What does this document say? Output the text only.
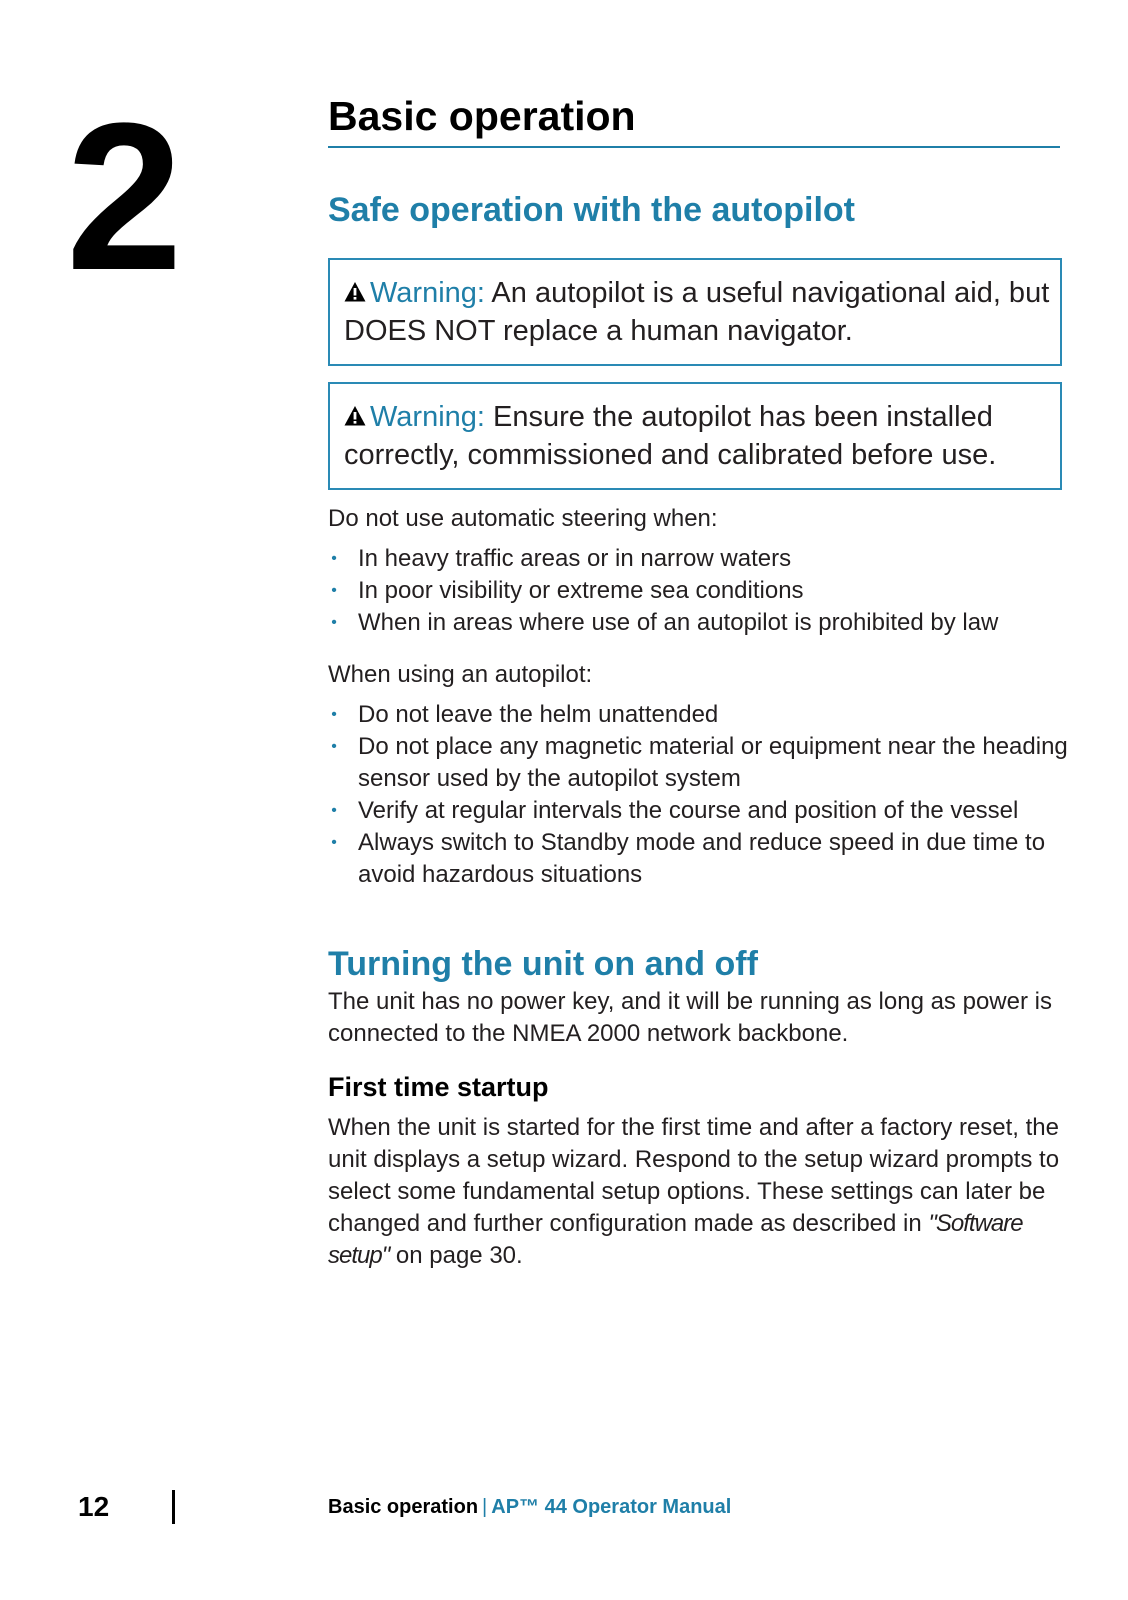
2	Basic operation
Safe operation with the autopilot
Warning: An autopilot is a useful navigational aid, but DOES NOT replace a human navigator.
Warning: Ensure the autopilot has been installed correctly, commissioned and calibrated before use.

Do not use automatic steering when:

• In heavy traffic areas or in narrow waters
• In poor visibility or extreme sea conditions
• When in areas where use of an autopilot is prohibited by law

When using an autopilot:

• Do not leave the helm unattended
• Do not place any magnetic material or equipment near the heading sensor used by the autopilot system
• Verify at regular intervals the course and position of the vessel
• Always switch to Standby mode and reduce speed in due time to avoid hazardous situations
Turning the unit on and off

The unit has no power key, and it will be running as long as power is connected to the NMEA 2000 network backbone.

First time startup

When the unit is started for the first time and after a factory reset, the unit displays a setup wizard. Respond to the setup wizard prompts to select some fundamental setup options. These settings can later be changed and further configuration made as described in "Software setup" on page 30.

12	Basic operation | AP™ 44 Operator Manual
